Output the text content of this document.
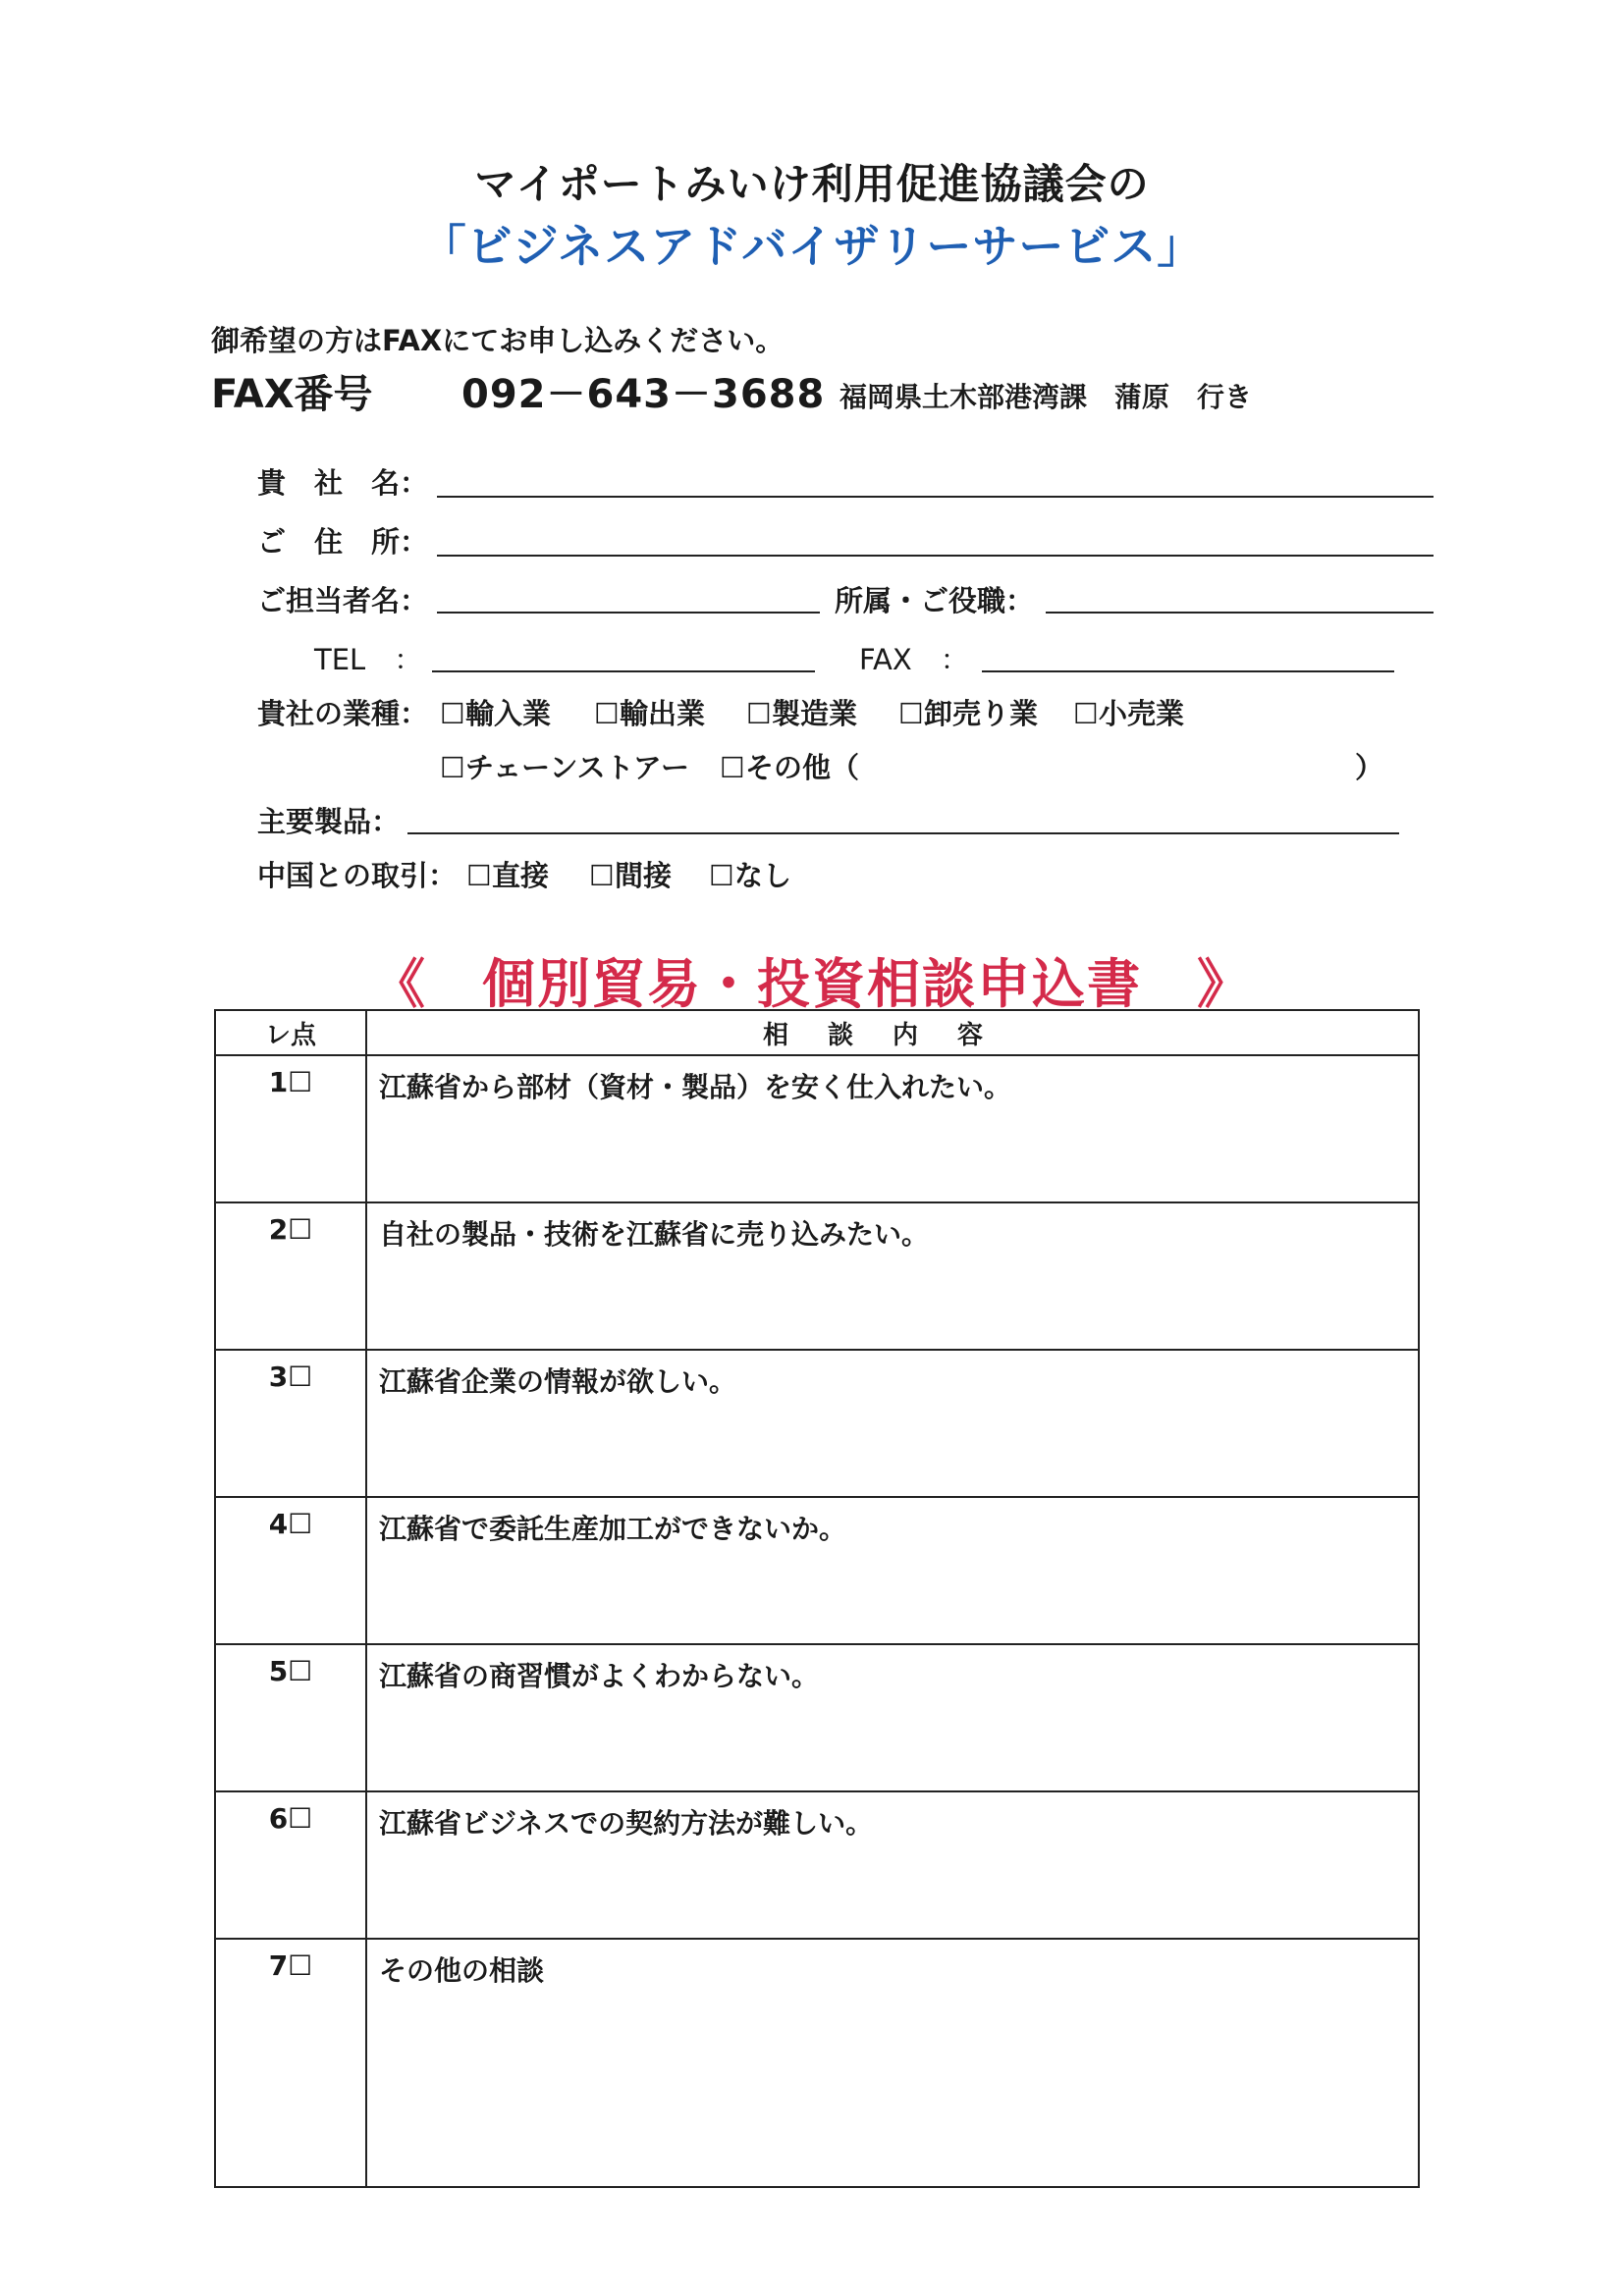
マイポートみいけ利用促進協議会の
「ビジネスアドバイザリーサービス」
御希望の方はFAXにてお申し込みください。
FAX番号 092－643－3688 福岡県土木部港湾課　蒲原　行き
貴　社　名：
ご　住　所：
ご担当者名：	所属・ご役職：
TEL　：	FAX　：
貴社の業種： ☐輸入業 ☐輸出業 ☐製造業 ☐卸売り業 ☐小売業
☐チェーンストアー ☐その他（	）
主要製品：
中国との取引： ☐直接 ☐間接 ☐なし
《　個別貿易・投資相談申込書　》
レ点	相談内容
1☐	江蘇省から部材（資材・製品）を安く仕入れたい。
2☐	自社の製品・技術を江蘇省に売り込みたい。
3☐	江蘇省企業の情報が欲しい。
4☐	江蘇省で委託生産加工ができないか。
5☐	江蘇省の商習慣がよくわからない。
6☐	江蘇省ビジネスでの契約方法が難しい。
7☐	その他の相談
